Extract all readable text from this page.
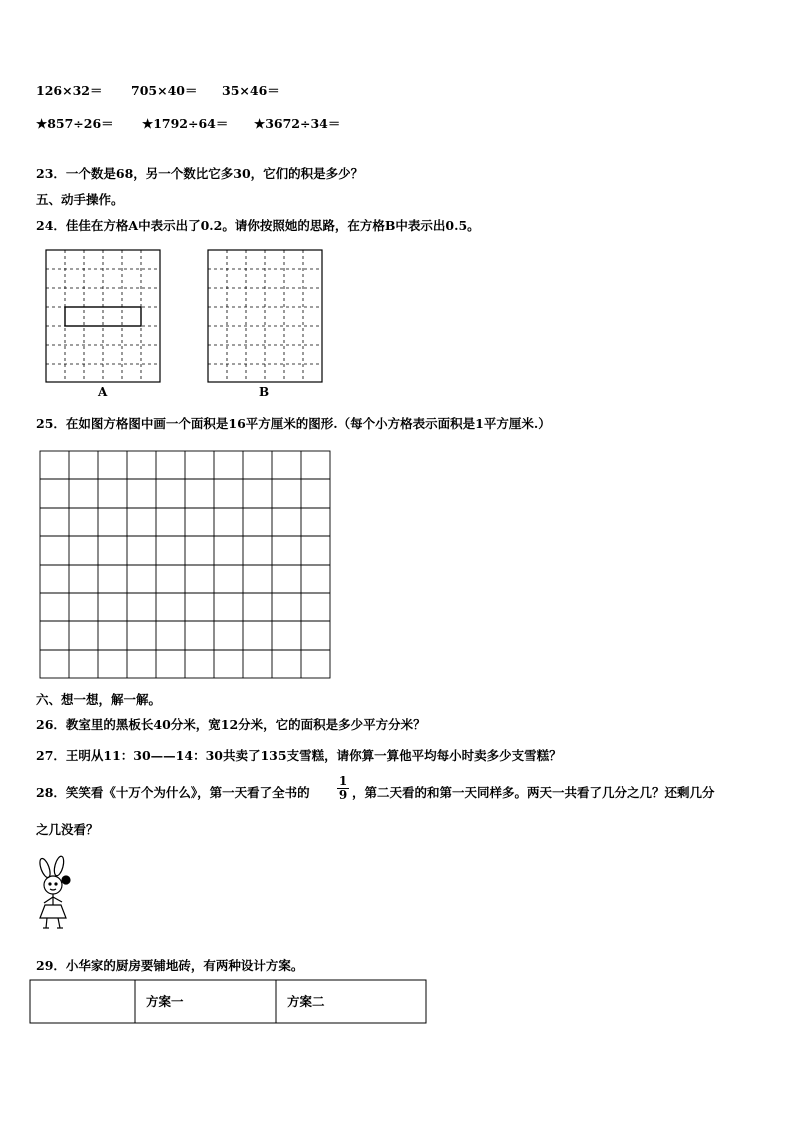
126×32＝ 705×40＝ 35×46＝
★857÷26＝ ★1792÷64＝ ★3672÷34＝
23．一个数是68，另一个数比它多30，它们的积是多少？
五、动手操作。
24．佳佳在方格A中表示出了0.2。请你按照她的思路，在方格B中表示出0.5。
A	B
25．在如图方格图中画一个面积是16平方厘米的图形.（每个小方格表示面积是1平方厘米.）
六、想一想，解一解。
26．教室里的黑板长40分米，宽12分米，它的面积是多少平方分米？
27．王明从11：30——14：30共卖了135支雪糕，请你算一算他平均每小时卖多少支雪糕？
28．笑笑看《十万个为什么》，第一天看了全书的 $\frac{1}{9}$ ，第二天看的和第一天同样多。两天一共看了几分之几？还剩几分
之几没看？
29．小华家的厨房要铺地砖，有两种设计方案。
方案一	方案二
